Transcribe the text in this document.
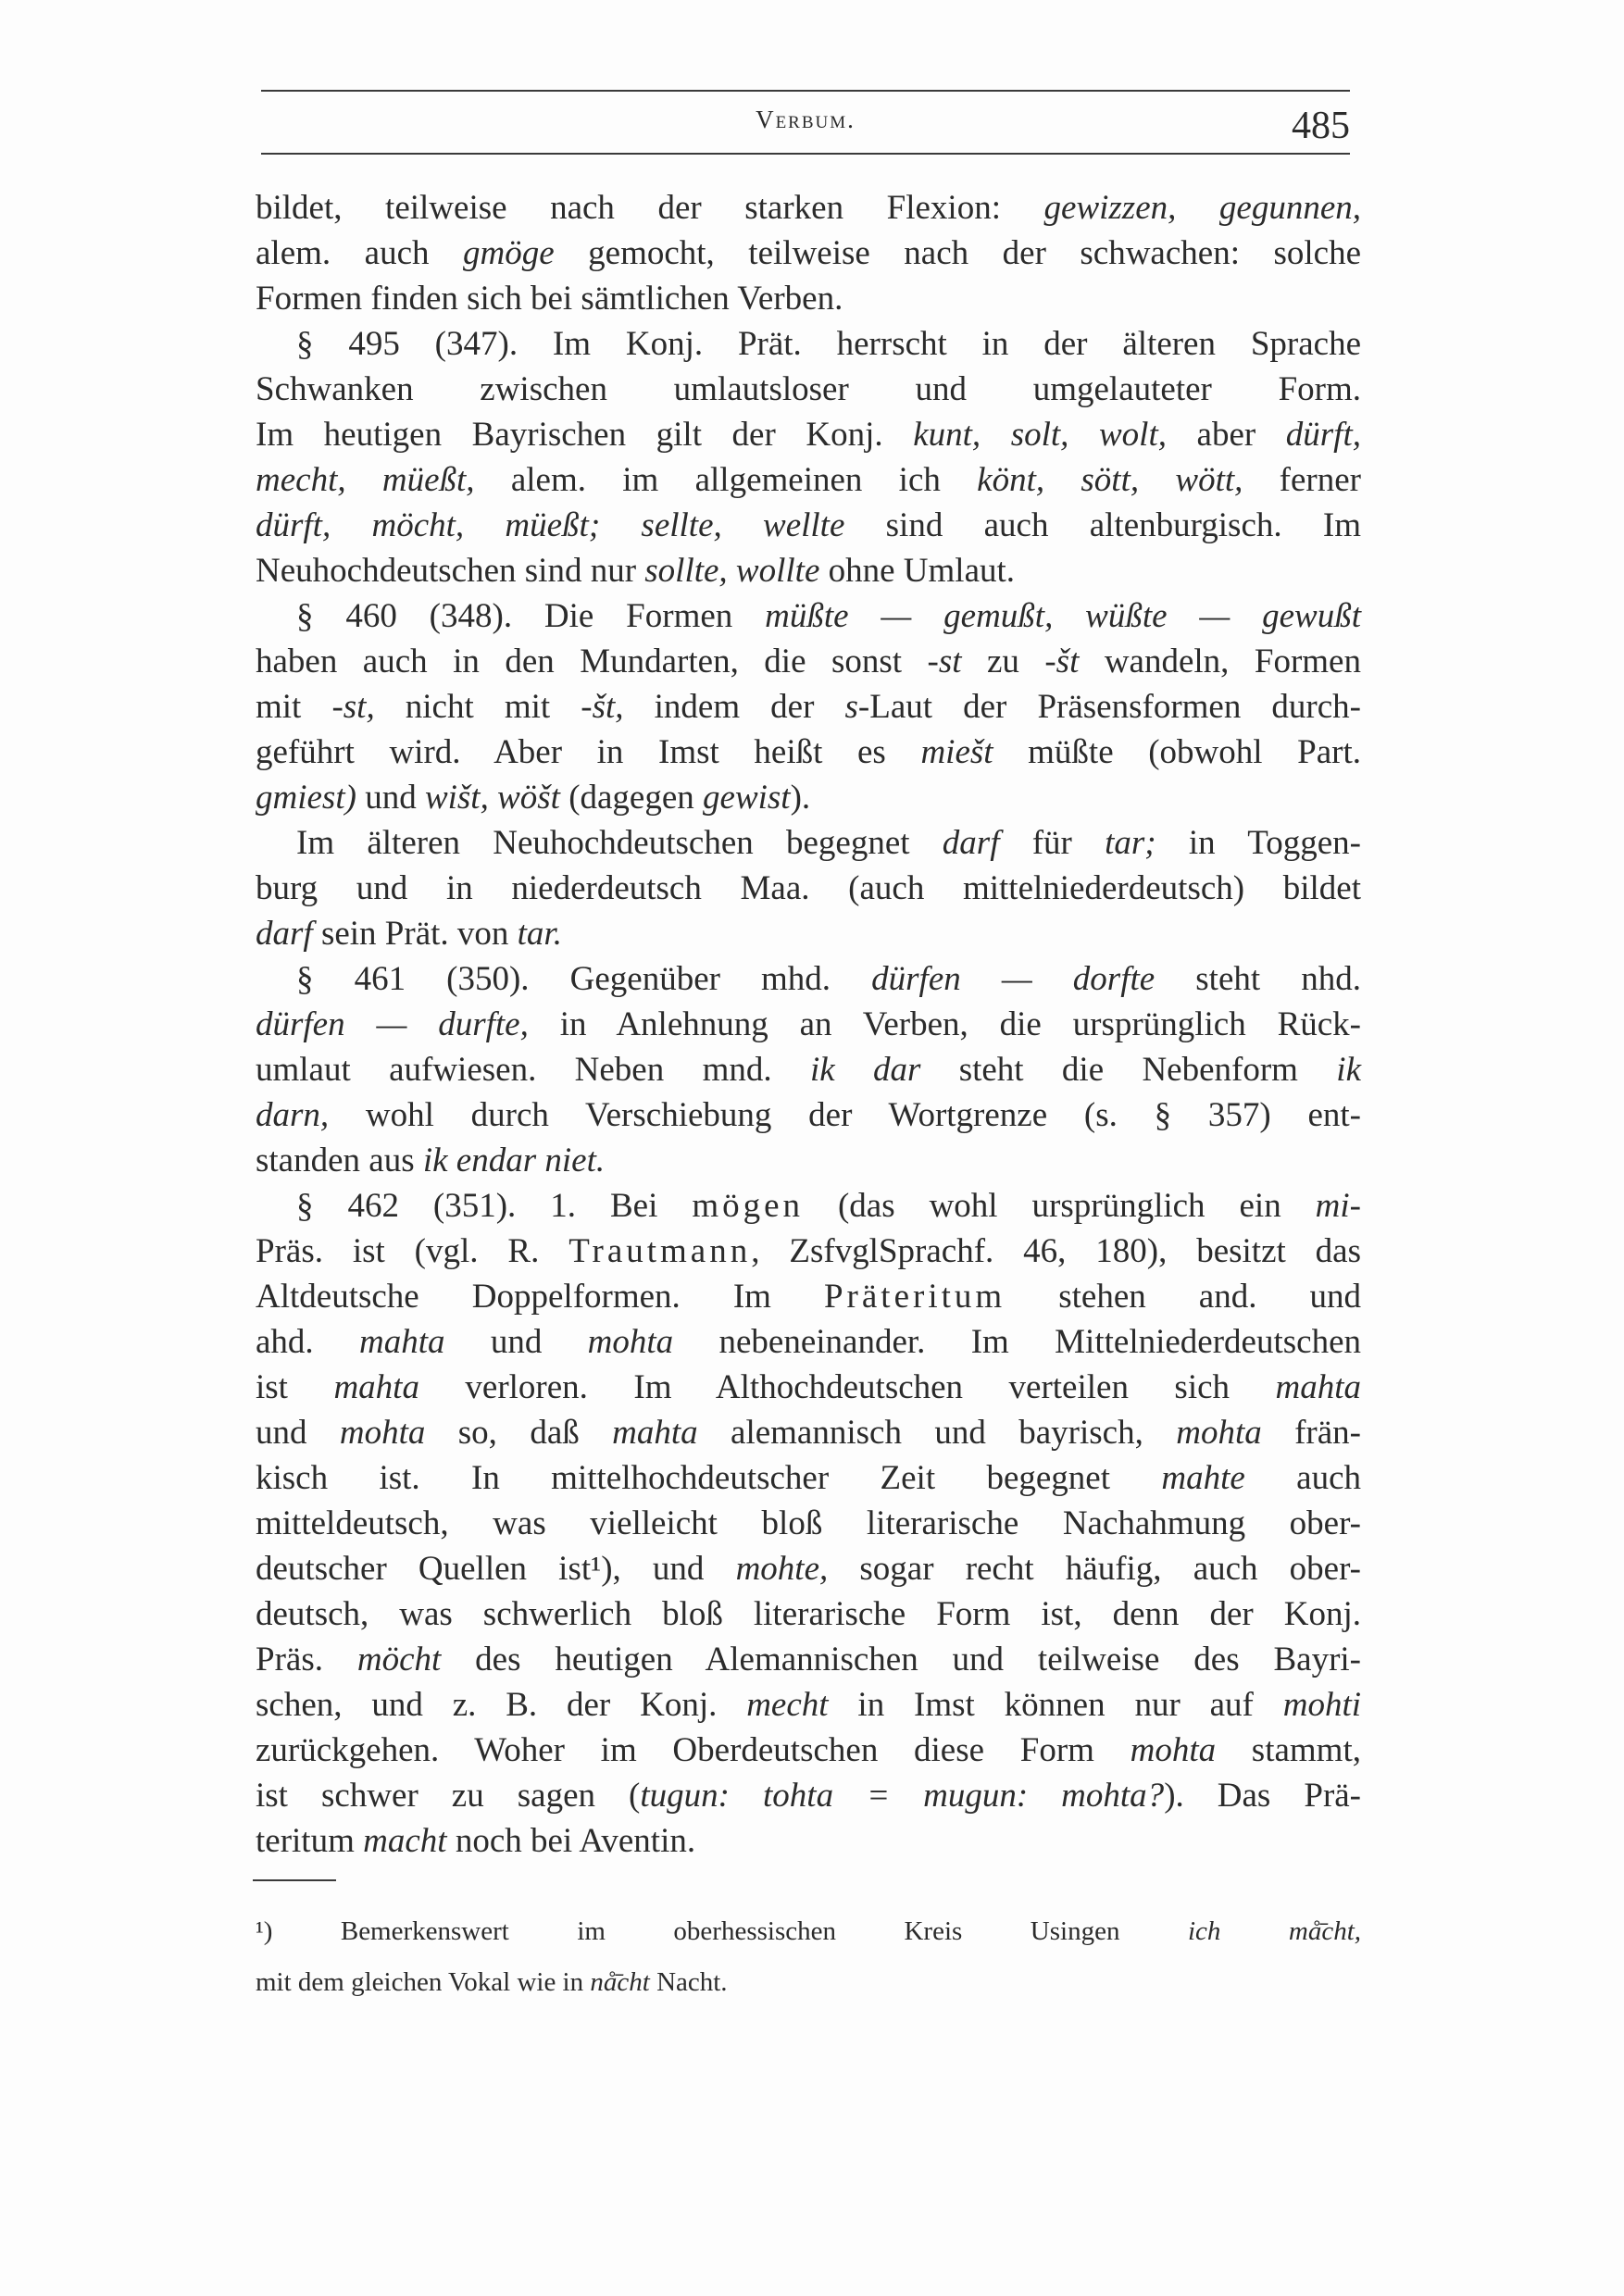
Verbum.	485
bildet, teilweise nach der starken Flexion: gewizzen, gegunnen,
alem. auch gmöge gemocht, teilweise nach der schwachen: solche
Formen finden sich bei sämtlichen Verben.
§ 495 (347). Im Konj. Prät. herrscht in der älteren Sprache
Schwanken zwischen umlautsloser und umgelauteter Form.
Im heutigen Bayrischen gilt der Konj. kunt, solt, wolt, aber dürft,
mecht, müeßt, alem. im allgemeinen ich könt, sött, wött, ferner
dürft, möcht, müeßt; sellte, wellte sind auch altenburgisch. Im
Neuhochdeutschen sind nur sollte, wollte ohne Umlaut.
§ 460 (348). Die Formen müßte — gemußt, wüßte — gewußt
haben auch in den Mundarten, die sonst -st zu -št wandeln, Formen
mit -st, nicht mit -št, indem der s-Laut der Präsensformen durch-
geführt wird. Aber in Imst heißt es miešt müßte (obwohl Part.
gmiest) und wišt, wöšt (dagegen gewist).
Im älteren Neuhochdeutschen begegnet darf für tar; in Toggen-
burg und in niederdeutsch Maa. (auch mittelniederdeutsch) bildet
darf sein Prät. von tar.
§ 461 (350). Gegenüber mhd. dürfen — dorfte steht nhd.
dürfen — durfte, in Anlehnung an Verben, die ursprünglich Rück-
umlaut aufwiesen. Neben mnd. ik dar steht die Nebenform ik
darn, wohl durch Verschiebung der Wortgrenze (s. § 357) ent-
standen aus ik endar niet.
§ 462 (351). 1. Bei mögen (das wohl ursprünglich ein mi-
Präs. ist (vgl. R. Trautmann, ZsfvglSprachf. 46, 180), besitzt das
Altdeutsche Doppelformen. Im Präteritum stehen and. und
ahd. mahta und mohta nebeneinander. Im Mittelniederdeutschen
ist mahta verloren. Im Althochdeutschen verteilen sich mahta
und mohta so, daß mahta alemannisch und bayrisch, mohta frän-
kisch ist. In mittelhochdeutscher Zeit begegnet mahte auch
mitteldeutsch, was vielleicht bloß literarische Nachahmung ober-
deutscher Quellen ist¹), und mohte, sogar recht häufig, auch ober-
deutsch, was schwerlich bloß literarische Form ist, denn der Konj.
Präs. möcht des heutigen Alemannischen und teilweise des Bayri-
schen, und z. B. der Konj. mecht in Imst können nur auf mohti
zurückgehen. Woher im Oberdeutschen diese Form mohta stammt,
ist schwer zu sagen (tugun: tohta = mugun: mohta?). Das Prä-
teritum macht noch bei Aventin.
¹) Bemerkenswert im oberhessischen Kreis Usingen ich	må̄cht,
mit dem gleichen Vokal wie in nå̄cht Nacht.
